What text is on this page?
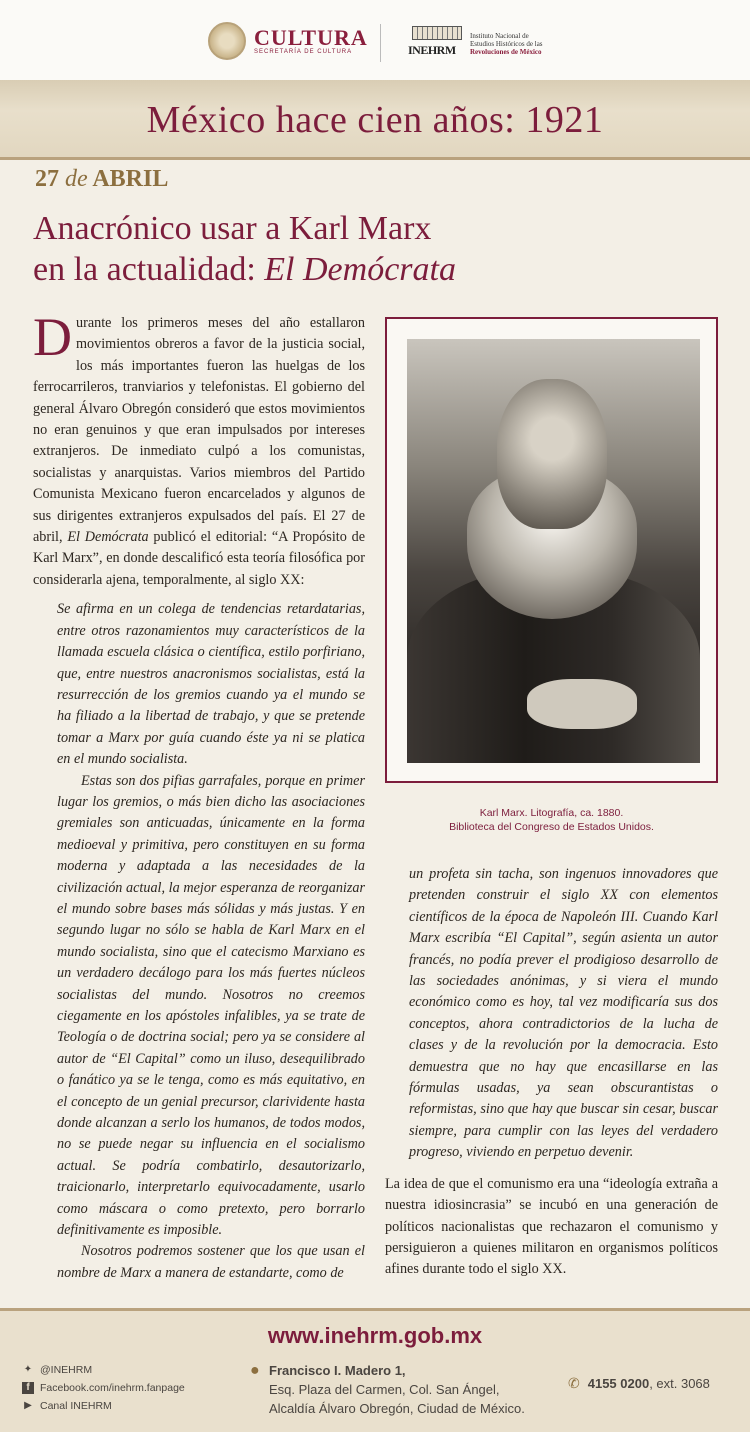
CULTURA
SECRETARÍA DE CULTURA	INEHRM
Instituto Nacional de
Estudios Históricos de las
Revoluciones de México
México hace cien años: 1921
27 de ABRIL
Anacrónico usar a Karl Marx
en la actualidad: El Demócrata

Durante los primeros meses del año estallaron movimientos obreros a favor de la justicia social, los más importantes fueron las huelgas de los ferrocarrileros, tranviarios y telefonistas. El gobierno del general Álvaro Obregón consideró que estos movimientos no eran genuinos y que eran impulsados por intereses extranjeros. De inmediato culpó a los comunistas, socialistas y anarquistas. Varios miembros del Partido Comunista Mexicano fueron encarcelados y algunos de sus dirigentes extranjeros expulsados del país. El 27 de abril, El Demócrata publicó el editorial: “A Propósito de Karl Marx”, en donde descalificó esta teoría filosófica por considerarla ajena, temporalmente, al siglo XX:

Se afirma en un colega de tendencias retardatarias, entre otros razonamientos muy característicos de la llamada escuela clásica o científica, estilo porfiriano, que, entre nuestros anacronismos socialistas, está la resurrección de los gremios cuando ya el mundo se ha filiado a la libertad de trabajo, y que se pretende tomar a Marx por guía cuando éste ya ni se platica en el mundo socialista.

Estas son dos pifias garrafales, porque en primer lugar los gremios, o más bien dicho las asociaciones gremiales son anticuadas, únicamente en la forma medioeval y primitiva, pero constituyen en su forma moderna y adaptada a las necesidades de la civilización actual, la mejor esperanza de reorganizar el mundo sobre bases más sólidas y más justas. Y en segundo lugar no sólo se habla de Karl Marx en el mundo socialista, sino que el catecismo Marxiano es un verdadero decálogo para los más fuertes núcleos socialistas del mundo. Nosotros no creemos ciegamente en los apóstoles infalibles, ya se trate de Teología o de doctrina social; pero ya se considere al autor de “El Capital” como un iluso, desequilibrado o fanático ya se le tenga, como es más equitativo, en el concepto de un genial precursor, clarividente hasta donde alcanzan a serlo los humanos, de todos modos, no se puede negar su influencia en el socialismo actual. Se podría combatirlo, desautorizarlo, traicionarlo, interpretarlo equivocadamente, usarlo como máscara o como pretexto, pero borrarlo definitivamente es imposible.

Nosotros podremos sostener que los que usan el nombre de Marx a manera de estandarte, como de

Karl Marx. Litografía, ca. 1880.
Biblioteca del Congreso de Estados Unidos.
un profeta sin tacha, son ingenuos innovadores que pretenden construir el siglo XX con elementos científicos de la época de Napoleón III. Cuando Karl Marx escribía “El Capital”, según asienta un autor francés, no podía prever el prodigioso desarrollo de las sociedades anónimas, y si viera el mundo económico como es hoy, tal vez modificaría sus dos conceptos, ahora contradictorios de la lucha de clases y de la revolución por la democracia. Esto demuestra que no hay que encasillarse en las fórmulas usadas, ya sean obscurantistas o reformistas, sino que hay que buscar sin cesar, buscar siempre, para cumplir con las leyes del verdadero progreso, viviendo en perpetuo devenir.

La idea de que el comunismo era una “ideología extraña a nuestra idiosincrasia” se incubó en una generación de políticos nacionalistas que rechazaron el comunismo y persiguieron a quienes militaron en organismos políticos afines durante todo el siglo XX.

www.inehrm.gob.mx
✦ @INEHRM
f Facebook.com/inehrm.fanpage
▶ Canal INEHRM
● Francisco I. Madero 1,
Esq. Plaza del Carmen, Col. San Ángel,
Alcaldía Álvaro Obregón, Ciudad de México.
✆ 4155 0200, ext. 3068
